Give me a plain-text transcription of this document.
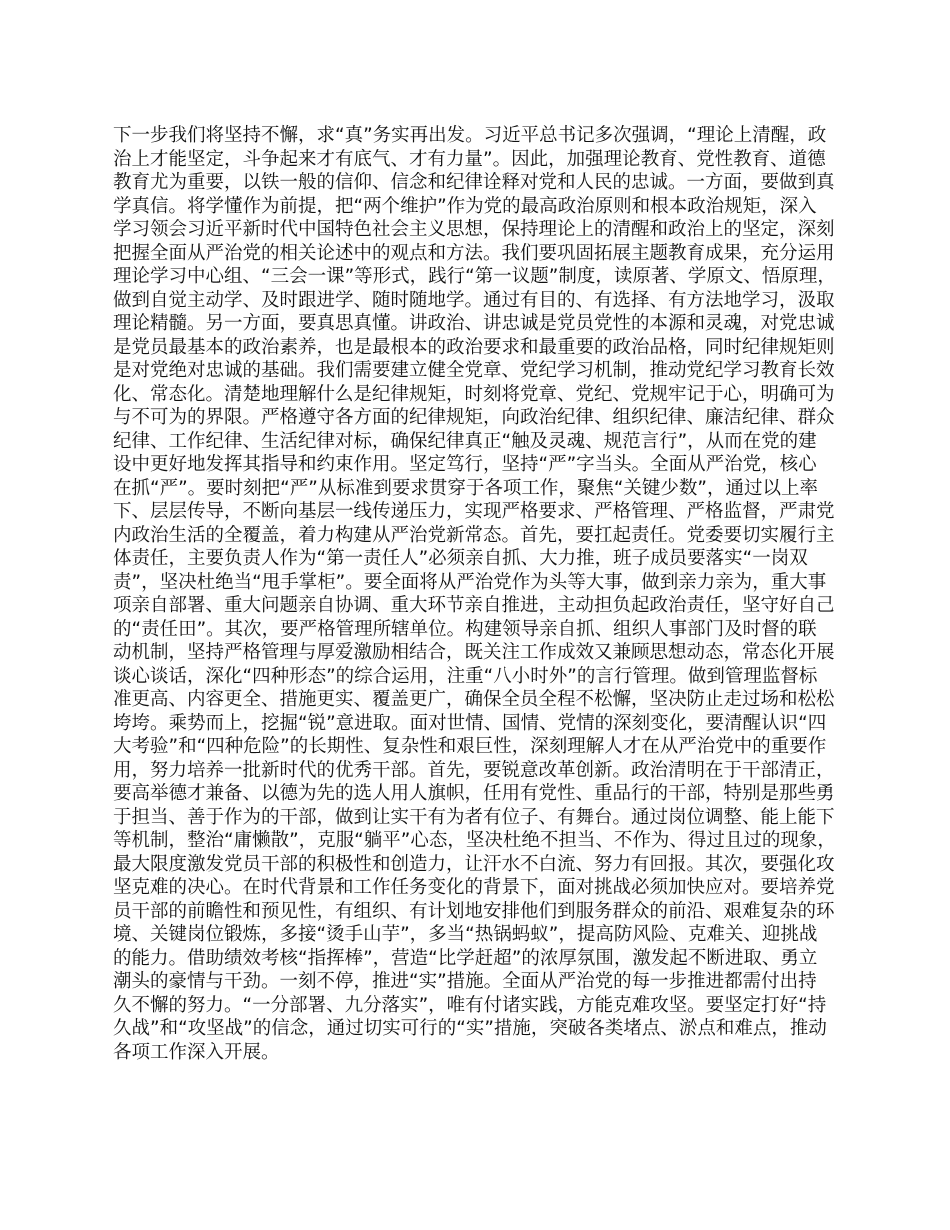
下一步我们将坚持不懈，求“真”务实再出发。习近平总书记多次强调，“理论上清醒，政
治上才能坚定，斗争起来才有底气、才有力量”。因此，加强理论教育、党性教育、道德
教育尤为重要，以铁一般的信仰、信念和纪律诠释对党和人民的忠诚。一方面，要做到真
学真信。将学懂作为前提，把“两个维护”作为党的最高政治原则和根本政治规矩，深入
学习领会习近平新时代中国特色社会主义思想，保持理论上的清醒和政治上的坚定，深刻
把握全面从严治党的相关论述中的观点和方法。我们要巩固拓展主题教育成果，充分运用
理论学习中心组、“三会一课”等形式，践行“第一议题”制度，读原著、学原文、悟原理，
做到自觉主动学、及时跟进学、随时随地学。通过有目的、有选择、有方法地学习，汲取
理论精髓。另一方面，要真思真懂。讲政治、讲忠诚是党员党性的本源和灵魂，对党忠诚
是党员最基本的政治素养，也是最根本的政治要求和最重要的政治品格，同时纪律规矩则
是对党绝对忠诚的基础。我们需要建立健全党章、党纪学习机制，推动党纪学习教育长效
化、常态化。清楚地理解什么是纪律规矩，时刻将党章、党纪、党规牢记于心，明确可为
与不可为的界限。严格遵守各方面的纪律规矩，向政治纪律、组织纪律、廉洁纪律、群众
纪律、工作纪律、生活纪律对标，确保纪律真正“触及灵魂、规范言行”，从而在党的建
设中更好地发挥其指导和约束作用。坚定笃行，坚持“严”字当头。全面从严治党，核心
在抓“严”。要时刻把“严”从标准到要求贯穿于各项工作，聚焦“关键少数”，通过以上率
下、层层传导，不断向基层一线传递压力，实现严格要求、严格管理、严格监督，严肃党
内政治生活的全覆盖，着力构建从严治党新常态。首先，要扛起责任。党委要切实履行主
体责任，主要负责人作为“第一责任人”必须亲自抓、大力推，班子成员要落实“一岗双
责”，坚决杜绝当“甩手掌柜”。要全面将从严治党作为头等大事，做到亲力亲为，重大事
项亲自部署、重大问题亲自协调、重大环节亲自推进，主动担负起政治责任，坚守好自己
的“责任田”。其次，要严格管理所辖单位。构建领导亲自抓、组织人事部门及时督的联
动机制，坚持严格管理与厚爱激励相结合，既关注工作成效又兼顾思想动态，常态化开展
谈心谈话，深化“四种形态”的综合运用，注重“八小时外”的言行管理。做到管理监督标
准更高、内容更全、措施更实、覆盖更广，确保全员全程不松懈，坚决防止走过场和松松
垮垮。乘势而上，挖掘“锐”意进取。面对世情、国情、党情的深刻变化，要清醒认识“四
大考验”和“四种危险”的长期性、复杂性和艰巨性，深刻理解人才在从严治党中的重要作
用，努力培养一批新时代的优秀干部。首先，要锐意改革创新。政治清明在于干部清正，
要高举德才兼备、以德为先的选人用人旗帜，任用有党性、重品行的干部，特别是那些勇
于担当、善于作为的干部，做到让实干有为者有位子、有舞台。通过岗位调整、能上能下
等机制，整治“庸懒散”，克服“躺平”心态，坚决杜绝不担当、不作为、得过且过的现象，
最大限度激发党员干部的积极性和创造力，让汗水不白流、努力有回报。其次，要强化攻
坚克难的决心。在时代背景和工作任务变化的背景下，面对挑战必须加快应对。要培养党
员干部的前瞻性和预见性，有组织、有计划地安排他们到服务群众的前沿、艰难复杂的环
境、关键岗位锻炼，多接“烫手山芋”，多当“热锅蚂蚁”，提高防风险、克难关、迎挑战
的能力。借助绩效考核“指挥棒”，营造“比学赶超”的浓厚氛围，激发起不断进取、勇立
潮头的豪情与干劲。一刻不停，推进“实”措施。全面从严治党的每一步推进都需付出持
久不懈的努力。“一分部署、九分落实”，唯有付诸实践，方能克难攻坚。要坚定打好“持
久战”和“攻坚战”的信念，通过切实可行的“实”措施，突破各类堵点、淤点和难点，推动
各项工作深入开展。
